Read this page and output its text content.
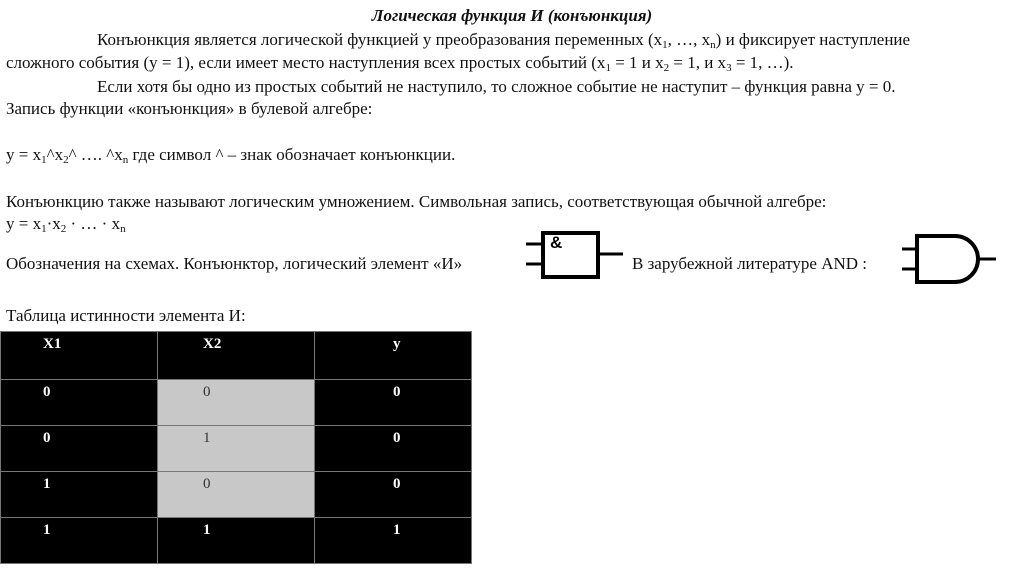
Логическая функция И (конъюнкция)
Конъюнкция является логической функцией у преобразования переменных ($x_1$, …, $x_n$) и фиксирует наступление
сложного события (y = 1), если имеет место наступления всех простых событий ($x_1 = 1$ и $x_2 = 1$, и $x_3 = 1$, …).
Если хотя бы одно из простых событий не наступило, то сложное событие не наступит – функция равна y = 0.
Запись функции «конъюнкция» в булевой алгебре:
$y = x_1\^{}x_2\^{}$ …. $\^{}x_n$ где символ ^ – знак обозначает конъюнкции.
Конъюнкцию также называют логическим умножением. Символьная запись, соответствующая обычной алгебре:
$y = x_1\cdot x_2$ · … · $x_n$
Обозначения на схемах. Конъюнктор, логический элемент «И»
&
В зарубежной литературе AND :
Таблица истинности элемента И:
X1	X2	y
0	0	0
0	1	0
1	0	0
1	1	1
